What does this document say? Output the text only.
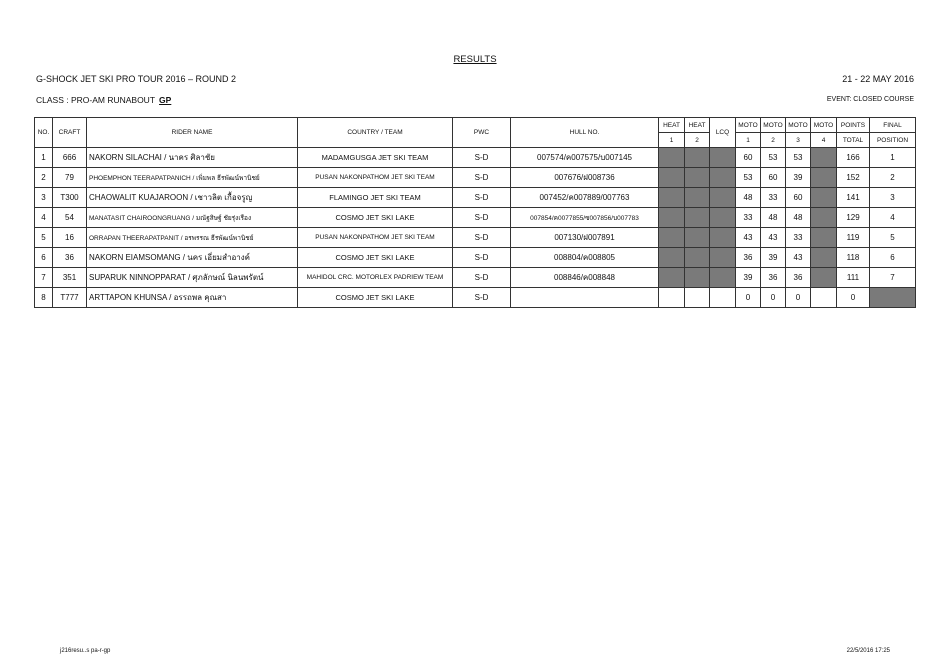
RESULTS
G-SHOCK JET SKI PRO TOUR 2016 – ROUND 2	21 - 22 MAY 2016
CLASS : PRO-AM RUNABOUT GP	EVENT: CLOSED COURSE
NO.	CRAFT	RIDER NAME	COUNTRY / TEAM	PWC	HULL NO.	HEAT	HEAT	LCQ	MOTO	MOTO	MOTO	MOTO	POINTS	FINAL
						1	2		1	2	3	4	TOTAL	POSITION
1	666	NAKORN SILACHAI / นาคร ศิลาชัย	MADAMGUSGA JET SKI TEAM	S-D	007574/ค007575/บ007145				60	53	53		166	1
2	79	PHOEMPHON TEERAPATPANICH / เพิ่มพล ธีรพัฒน์พานิชย์	PUSAN NAKONPATHOM JET SKI TEAM	S-D	007676/ฝ008736				53	60	39		152	2
3	T300	CHAOWALIT KUAJAROON / เชาวลิต เกื้อจรูญ	FLAMINGO JET SKI TEAM	S-D	007452/ค007889/007763				48	33	60		141	3
4	54	MANATASIT CHAIROONGRUANG / มณัฐสิษฐ์ ชัยรุ่งเรือง	COSMO JET SKI LAKE	S-D	007854/ค0077855/ซ007856/บ007783				33	48	48		129	4
5	16	ORRAPAN THEERAPATPANIT / อรพรรณ ธีรพัฒน์พานิชย์	PUSAN NAKONPATHOM JET SKI TEAM	S-D	007130/ฝ007891				43	43	33		119	5
6	36	NAKORN EIAMSOMANG / นคร เอี่ยมสำอางค์	COSMO JET SKI LAKE	S-D	008804/ค008805				36	39	43		118	6
7	351	SUPARUK NINNOPPARAT / ศุภลักษณ์ นิลนพรัตน์	MAHIDOL CRC. MOTORLEX PADRIEW TEAM	S-D	008846/ค008848				39	36	36		111	7
8	T777	ARTTAPON KHUNSA / อรรถพล คุณสา	COSMO JET SKI LAKE	S-D					0	0	0		0	
j216resu..s pa-r-gp	22/5/2016 17:25
